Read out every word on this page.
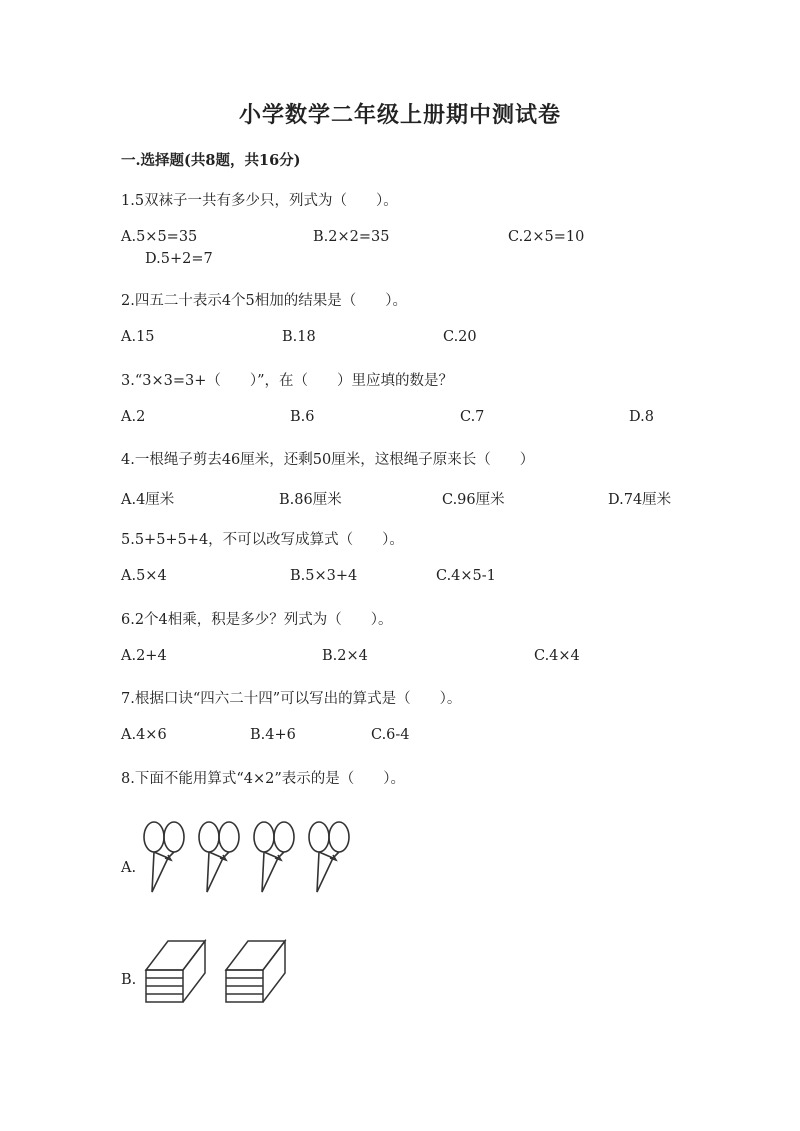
小学数学二年级上册期中测试卷
一.选择题(共8题，共16分)
1.5双袜子一共有多少只，列式为（　　）。
A.5×5=35	B.2×2=35	C.2×5=10
D.5+2=7
2.四五二十表示4个5相加的结果是（　　）。
A.15	B.18	C.20
3.“3×3=3+（　　）”，在（　　）里应填的数是？
A.2	B.6	C.7	D.8
4.一根绳子剪去46厘米，还剩50厘米，这根绳子原来长（　　）
A.4厘米	B.86厘米	C.96厘米	D.74厘米
5.5+5+5+4，不可以改写成算式（　　）。
A.5×4	B.5×3+4	C.4×5-1
6.2个4相乘，积是多少？列式为（　　）。
A.2+4	B.2×4	C.4×4
7.根据口诀“四六二十四”可以写出的算式是（　　）。
A.4×6	B.4+6	C.6-4
8.下面不能用算式“4×2”表示的是（　　）。
A.
B.
